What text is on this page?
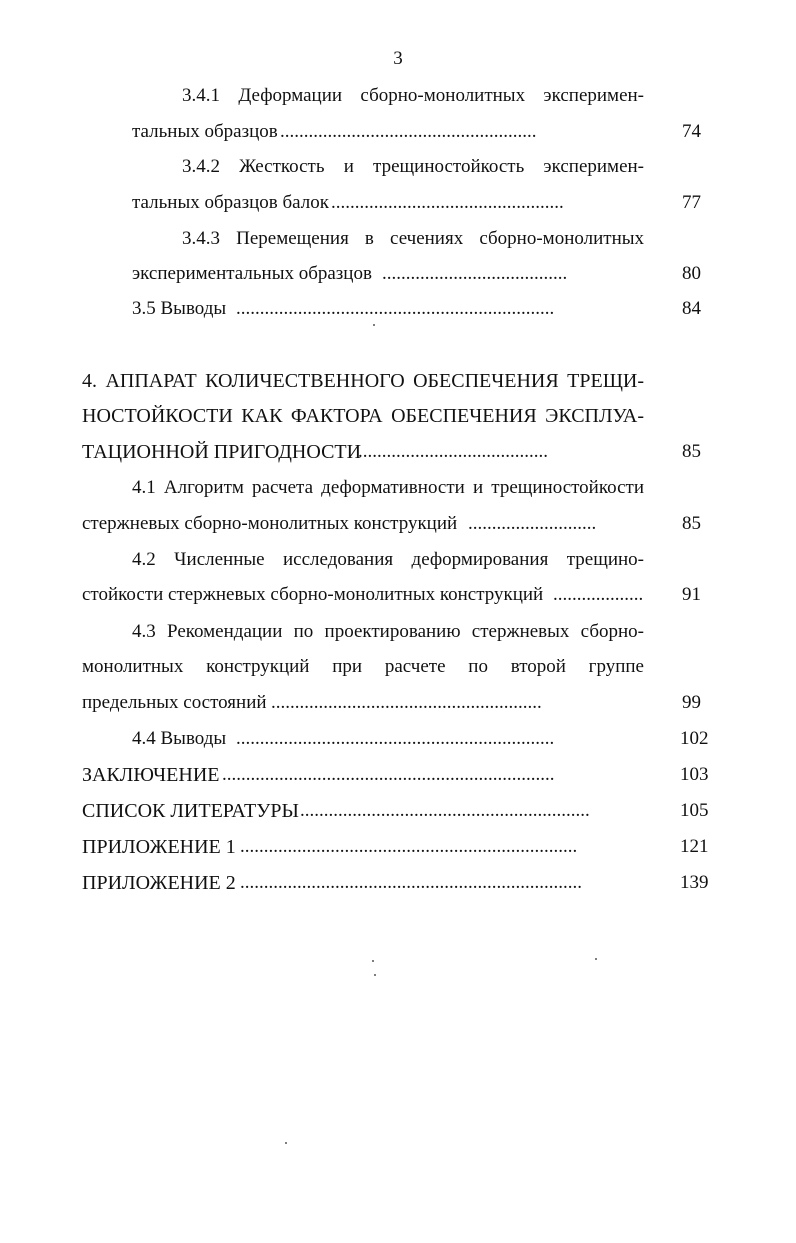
3
3.4.1 Деформации сборно-монолитных эксперимен-
тальных образцов ......................................................	74
3.4.2 Жесткость и трещиностойкость эксперимен-
тальных образцов балок .................................................	77
3.4.3 Перемещения в сечениях сборно-монолитных
экспериментальных образцов .......................................	80
3.5 Выводы ...................................................................	84
4. АППАРАТ КОЛИЧЕСТВЕННОГО ОБЕСПЕЧЕНИЯ ТРЕЩИ-
НОСТОЙКОСТИ КАК ФАКТОРА ОБЕСПЕЧЕНИЯ ЭКСПЛУА-
ТАЦИОННОЙ ПРИГОДНОСТИ
........................................	85
4.1 Алгоритм расчета деформативности и трещиностойкости
стержневых сборно-монолитных конструкций ...........................	85
4.2 Численные исследования деформирования трещино-
стойкости стержневых сборно-монолитных конструкций ................... 91
4.3 Рекомендации по проектированию стержневых сборно-
монолитных конструкций при расчете по второй группе
предельных состояний .........................................................	99
4.4 Выводы ...................................................................	102
ЗАКЛЮЧЕНИЕ ......................................................................	103
СПИСОК ЛИТЕРАТУРЫ .............................................................	105
ПРИЛОЖЕНИЕ 1 .......................................................................	121
ПРИЛОЖЕНИЕ 2 ........................................................................	139
